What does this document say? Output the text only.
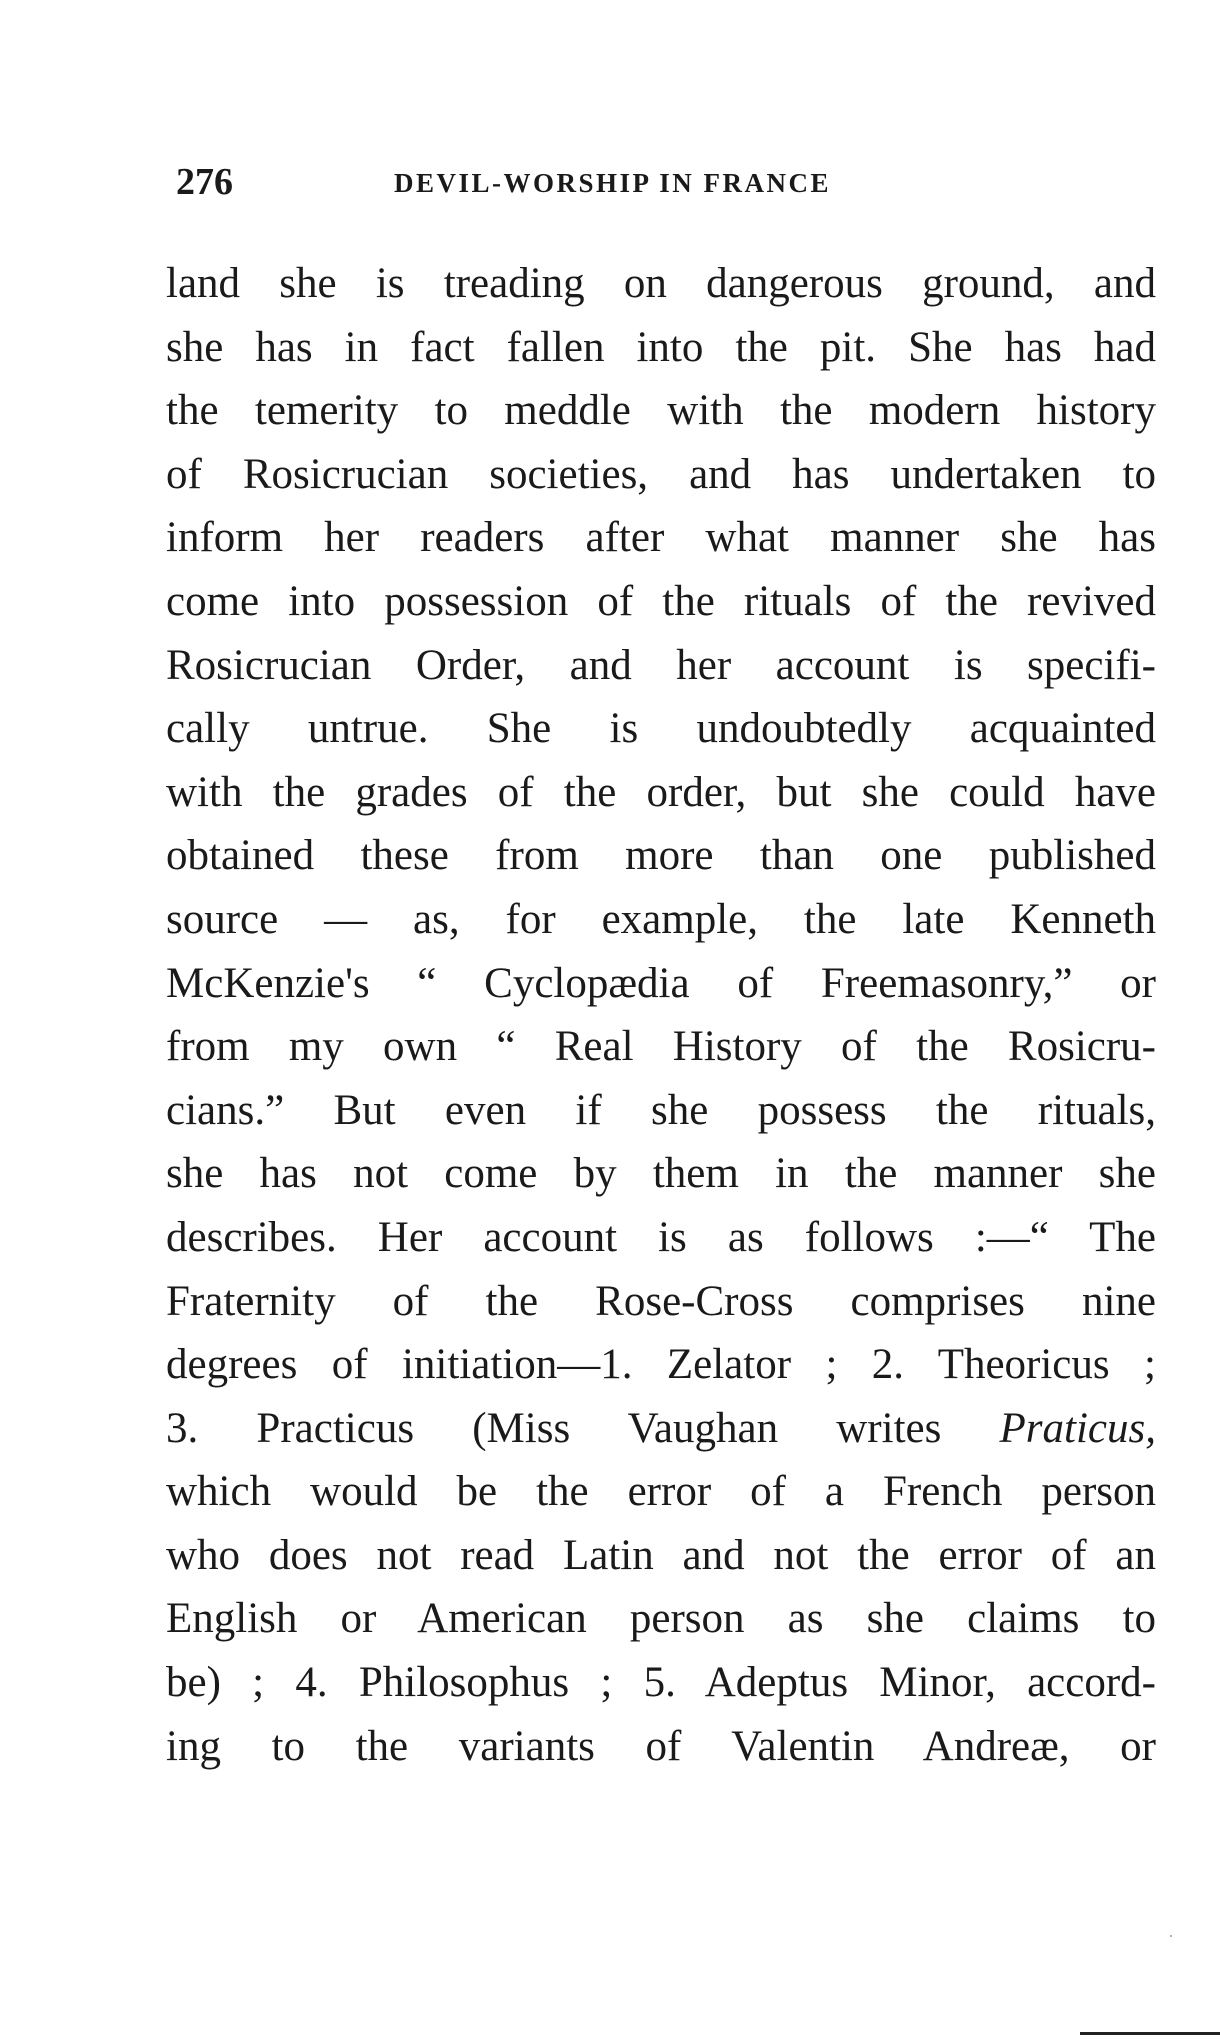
276	DEVIL-WORSHIP IN FRANCE
land she is treading on dangerous ground, and
she has in fact fallen into the pit. She has had
the temerity to meddle with the modern history
of Rosicrucian societies, and has undertaken to
inform her readers after what manner she has
come into possession of the rituals of the revived
Rosicrucian Order, and her account is specifi-
cally untrue. She is undoubtedly acquainted
with the grades of the order, but she could have
obtained these from more than one published
source — as, for example, the late Kenneth
McKenzie's “ Cyclopædia of Freemasonry,” or
from my own “ Real History of the Rosicru-
cians.” But even if she possess the rituals,
she has not come by them in the manner she
describes. Her account is as follows :—“ The
Fraternity of the Rose-Cross comprises nine
degrees of initiation—1. Zelator ; 2. Theoricus ;
3. Practicus (Miss Vaughan writes Praticus,
which would be the error of a French person
who does not read Latin and not the error of an
English or American person as she claims to
be) ; 4. Philosophus ; 5. Adeptus Minor, accord-
ing to the variants of Valentin Andreæ, or
